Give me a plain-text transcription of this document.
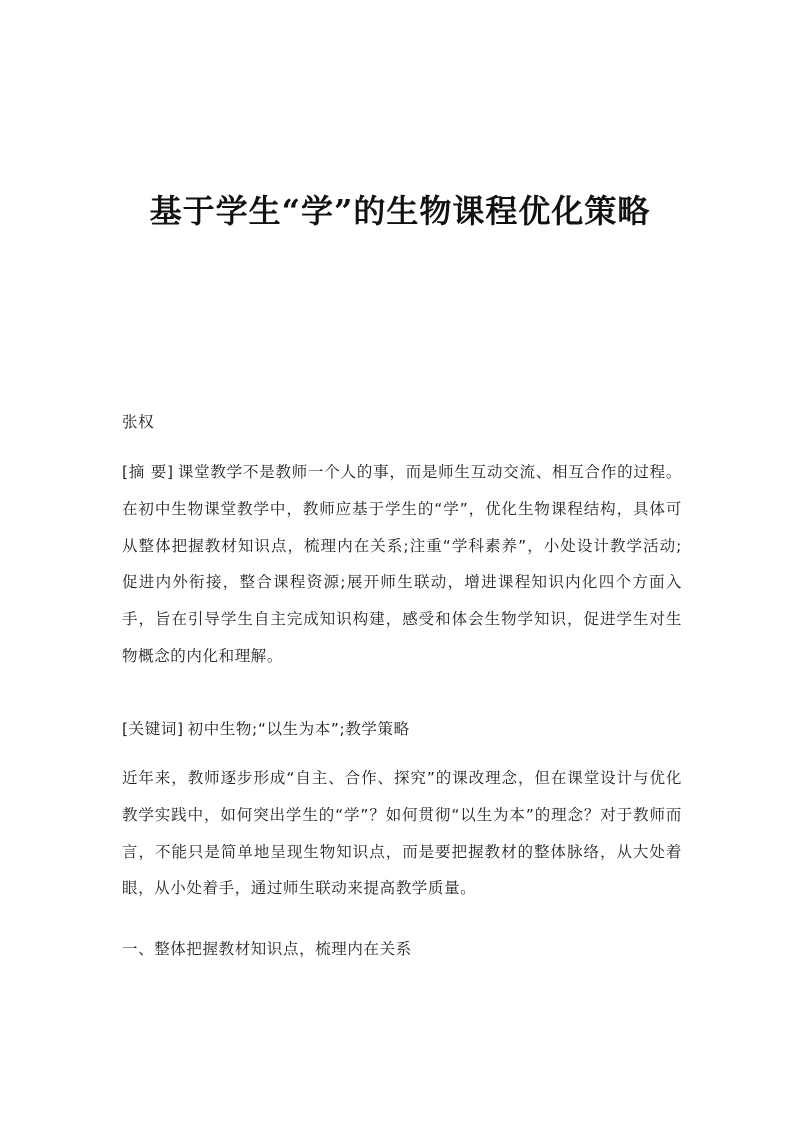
基于学生“学”的生物课程优化策略
张权
[摘 要] 课堂教学不是教师一个人的事，而是师生互动交流、相互合作的过程。在初中生物课堂教学中，教师应基于学生的“学”，优化生物课程结构，具体可从整体把握教材知识点，梳理内在关系;注重“学科素养”，小处设计教学活动;促进内外衔接，整合课程资源;展开师生联动，增进课程知识内化四个方面入手，旨在引导学生自主完成知识构建，感受和体会生物学知识，促进学生对生物概念的内化和理解。
[关键词] 初中生物;“以生为本”;教学策略
近年来，教师逐步形成“自主、合作、探究”的课改理念，但在课堂设计与优化教学实践中，如何突出学生的“学”？如何贯彻“以生为本”的理念？对于教师而言，不能只是简单地呈现生物知识点，而是要把握教材的整体脉络，从大处着眼，从小处着手，通过师生联动来提高教学质量。
一、整体把握教材知识点，梳理内在关系
